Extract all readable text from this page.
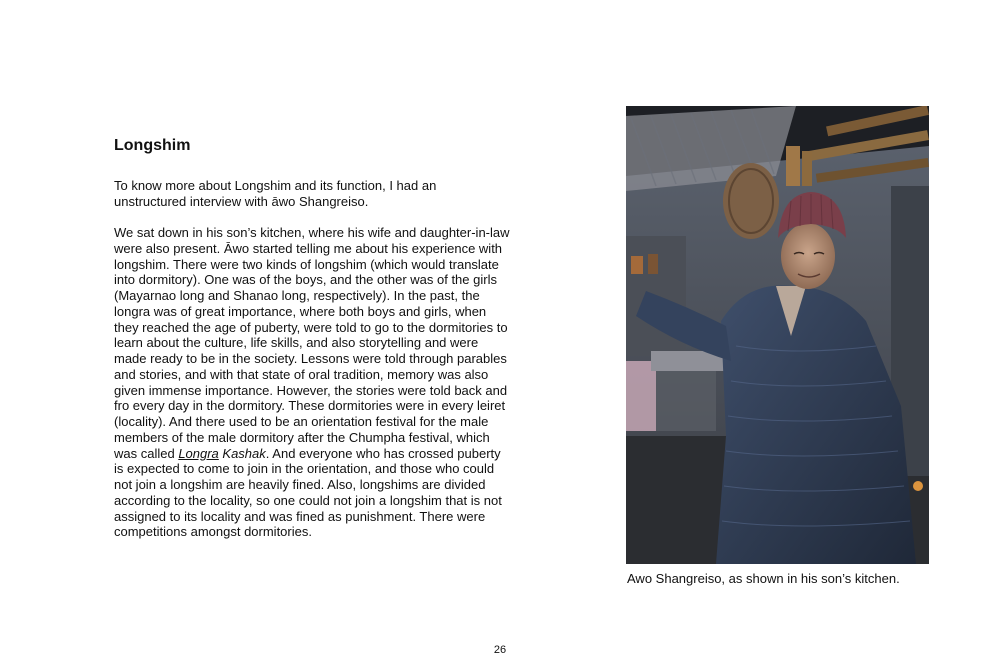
Longshim

To know more about Longshim and its function, I had an unstructured interview with āwo Shangreiso.

We sat down in his son’s kitchen, where his wife and daughter-in-law were also present. Āwo started telling me about his experience with longshim. There were two kinds of longshim (which would translate into dormitory). One was of the boys, and the other was of the girls (Mayarnao long and Shanao long, respectively). In the past, the longra was of great importance, where both boys and girls, when they reached the age of puberty, were told to go to the dormitories to learn about the culture, life skills, and also storytelling and were made ready to be in the society. Lessons were told through parables and stories, and with that state of oral tradition, memory was also given immense importance. However, the stories were told back and fro every day in the dormitory. These dormitories were in every leiret (locality). And there used to be an orientation festival for the male members of the male dormitory after the Chumpha festival, which was called Longra Kashak. And everyone who has crossed puberty is expected to come to join in the orientation, and those who could not join a longshim are heavily fined. Also, longshims are divided according to the locality, so one could not join a longshim that is not assigned to its locality and was fined as punishment. There were competitions amongst dormitories.

Awo Shangreiso, as shown in his son’s kitchen.

26
